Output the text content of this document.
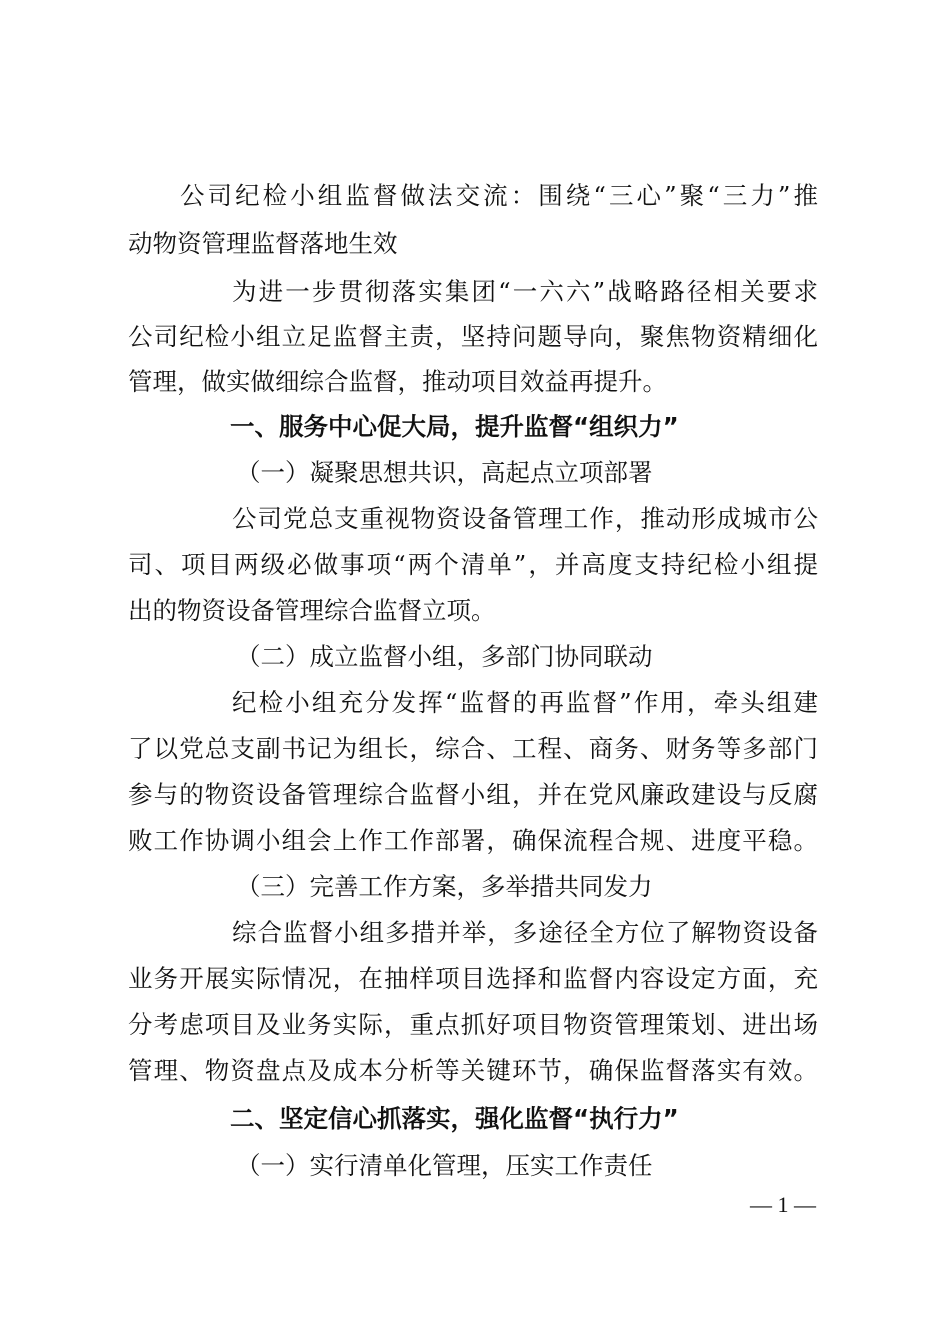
公司纪检小组监督做法交流：围绕“三心”聚“三力”推
动物资管理监督落地生效
为进一步贯彻落实集团“一六六”战略路径相关要求
公司纪检小组立足监督主责，坚持问题导向，聚焦物资精细化
管理，做实做细综合监督，推动项目效益再提升。
一、服务中心促大局，提升监督“组织力”
（一）凝聚思想共识，高起点立项部署
公司党总支重视物资设备管理工作，推动形成城市公
司、项目两级必做事项“两个清单”，并高度支持纪检小组提
出的物资设备管理综合监督立项。
（二）成立监督小组，多部门协同联动
纪检小组充分发挥“监督的再监督”作用，牵头组建
了以党总支副书记为组长，综合、工程、商务、财务等多部门
参与的物资设备管理综合监督小组，并在党风廉政建设与反腐
败工作协调小组会上作工作部署，确保流程合规、进度平稳。
（三）完善工作方案，多举措共同发力
综合监督小组多措并举，多途径全方位了解物资设备
业务开展实际情况，在抽样项目选择和监督内容设定方面，充
分考虑项目及业务实际，重点抓好项目物资管理策划、进出场
管理、物资盘点及成本分析等关键环节，确保监督落实有效。
二、坚定信心抓落实，强化监督“执行力”
（一）实行清单化管理，压实工作责任
— 1 —
